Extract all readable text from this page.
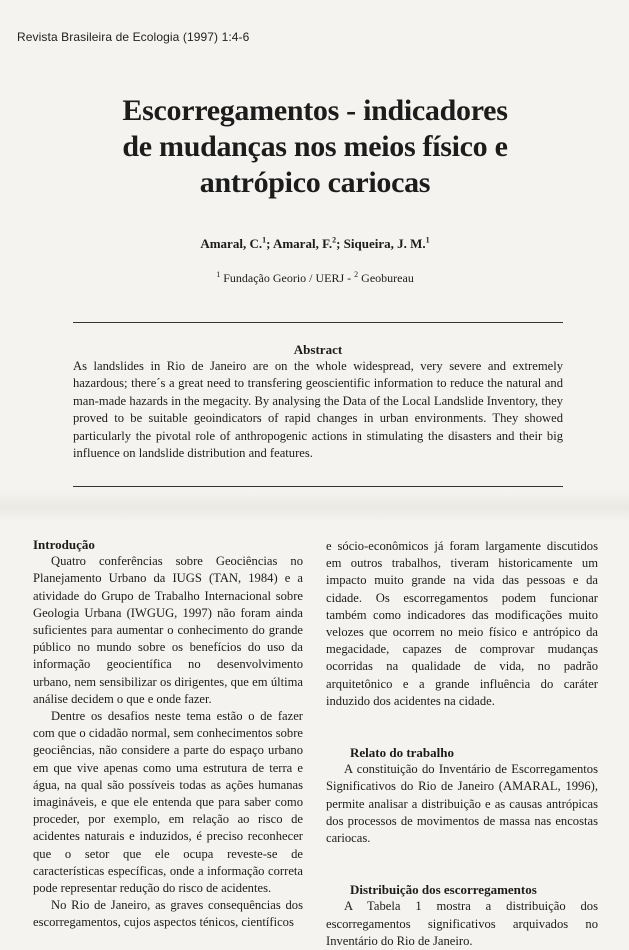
Revista Brasileira de Ecologia (1997) 1:4-6
Escorregamentos - indicadores
de mudanças nos meios físico e
antrópico cariocas
Amaral, C.$^1$; Amaral, F.$^2$; Siqueira, J. M.$^1$
$^1$ Fundação Georio / UERJ - $^2$ Geobureau
Abstract
As landslides in Rio de Janeiro are on the whole widespread, very severe and extremely hazardous; there´s a great need to transfering geoscientific information to reduce the natural and man-made hazards in the megacity. By analysing the Data of the Local Landslide Inventory, they proved to be suitable geoindicators of rapid changes in urban environments. They showed particularly the pivotal role of anthropogenic actions in stimulating the disasters and their big influence on landslide distribution and features.
Introdução

Quatro conferências sobre Geociências no Planejamento Urbano da IUGS (TAN, 1984) e a atividade do Grupo de Trabalho Internacional sobre Geologia Urbana (IWGUG, 1997) não foram ainda suficientes para aumentar o conhecimento do grande público no mundo sobre os benefícios do uso da informação geocientífica no desenvolvimento urbano, nem sensibilizar os dirigentes, que em última análise decidem o que e onde fazer.

Dentre os desafios neste tema estão o de fazer com que o cidadão normal, sem conhecimentos sobre geociências, não considere a parte do espaço urbano em que vive apenas como uma estrutura de terra e água, na qual são possíveis todas as ações humanas imagináveis, e que ele entenda que para saber como proceder, por exemplo, em relação ao risco de acidentes naturais e induzidos, é preciso reconhecer que o setor que ele ocupa reveste-se de características específicas, onde a informação correta pode representar redução do risco de acidentes.

No Rio de Janeiro, as graves consequências dos escorregamentos, cujos aspectos ténicos, científicos

e sócio-econômicos já foram largamente discutidos em outros trabalhos, tiveram historicamente um impacto muito grande na vida das pessoas e da cidade. Os escorregamentos podem funcionar também como indicadores das modificações muito velozes que ocorrem no meio físico e antrópico da megacidade, capazes de comprovar mudanças ocorridas na qualidade de vida, no padrão arquitetônico e a grande influência do caráter induzido dos acidentes na cidade.

Relato do trabalho

A constituição do Inventário de Escorregamentos Significativos do Rio de Janeiro (AMARAL, 1996), permite analisar a distribuição e as causas antrópicas dos processos de movimentos de massa nas encostas cariocas.

Distribuição dos escorregamentos

A Tabela 1 mostra a distribuição dos escorregamentos significativos arquivados no Inventário do Rio de Janeiro.
